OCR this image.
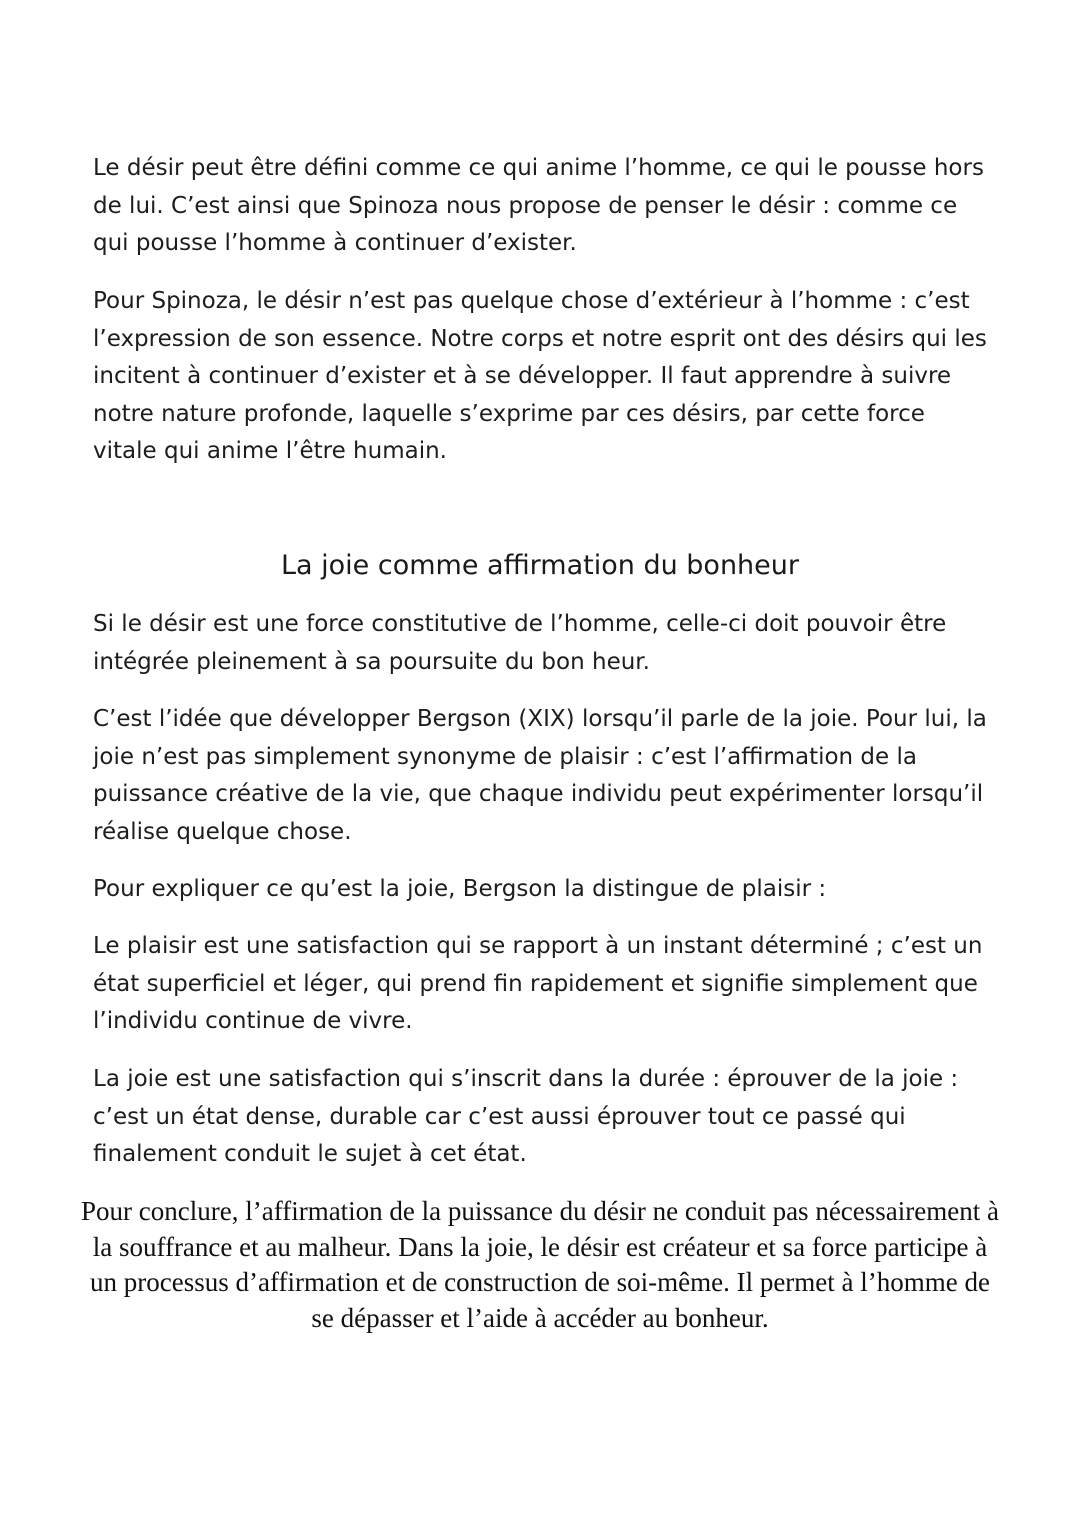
Le désir peut être défini comme ce qui anime l’homme, ce qui le pousse hors de lui. C’est ainsi que Spinoza nous propose de penser le désir : comme ce qui pousse l’homme à continuer d’exister.

Pour Spinoza, le désir n’est pas quelque chose d’extérieur à l’homme : c’est l’expression de son essence. Notre corps et notre esprit ont des désirs qui les incitent à continuer d’exister et à se développer. Il faut apprendre à suivre notre nature profonde, laquelle s’exprime par ces désirs, par cette force vitale qui anime l’être humain.

La joie comme affirmation du bonheur

Si le désir est une force constitutive de l’homme, celle-ci doit pouvoir être intégrée pleinement à sa poursuite du bon heur.

C’est l’idée que développer Bergson (XIX) lorsqu’il parle de la joie. Pour lui, la joie n’est pas simplement synonyme de plaisir : c’est l’affirmation de la puissance créative de la vie, que chaque individu peut expérimenter lorsqu’il réalise quelque chose.

Pour expliquer ce qu’est la joie, Bergson la distingue de plaisir :

Le plaisir est une satisfaction qui se rapport à un instant déterminé ; c’est un état superficiel et léger, qui prend fin rapidement et signifie simplement que l’individu continue de vivre.

La joie est une satisfaction qui s’inscrit dans la durée : éprouver de la joie : c’est un état dense, durable car c’est aussi éprouver tout ce passé qui finalement conduit le sujet à cet état.

Pour conclure, l’affirmation de la puissance du désir ne conduit pas nécessairement à la souffrance et au malheur. Dans la joie, le désir est créateur et sa force participe à un processus d’affirmation et de construction de soi-même. Il permet à l’homme de se dépasser et l’aide à accéder au bonheur.
